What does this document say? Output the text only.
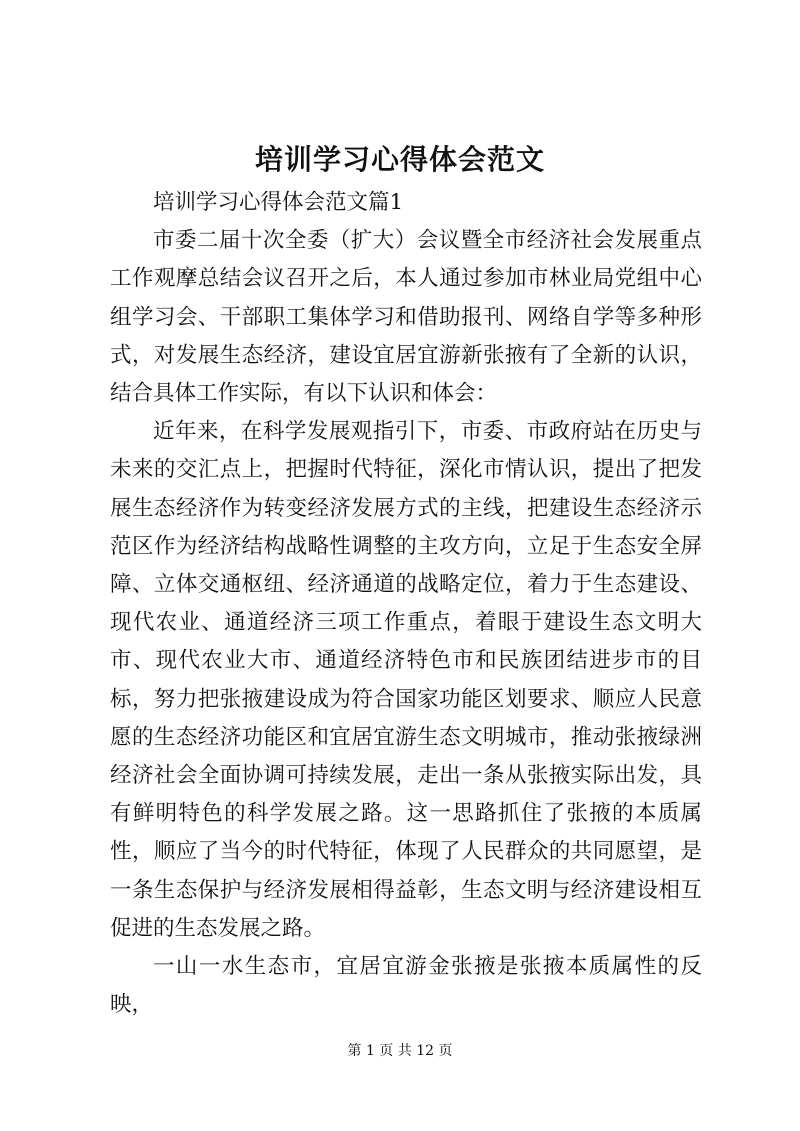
培训学习心得体会范文

培训学习心得体会范文篇1

市委二届十次全委（扩大）会议暨全市经济社会发展重点工作观摩总结会议召开之后，本人通过参加市林业局党组中心组学习会、干部职工集体学习和借助报刊、网络自学等多种形式，对发展生态经济，建设宜居宜游新张掖有了全新的认识，结合具体工作实际，有以下认识和体会：

近年来，在科学发展观指引下，市委、市政府站在历史与未来的交汇点上，把握时代特征，深化市情认识，提出了把发展生态经济作为转变经济发展方式的主线，把建设生态经济示范区作为经济结构战略性调整的主攻方向，立足于生态安全屏障、立体交通枢纽、经济通道的战略定位，着力于生态建设、现代农业、通道经济三项工作重点，着眼于建设生态文明大市、现代农业大市、通道经济特色市和民族团结进步市的目标，努力把张掖建设成为符合国家功能区划要求、顺应人民意愿的生态经济功能区和宜居宜游生态文明城市，推动张掖绿洲经济社会全面协调可持续发展，走出一条从张掖实际出发，具有鲜明特色的科学发展之路。这一思路抓住了张掖的本质属性，顺应了当今的时代特征，体现了人民群众的共同愿望，是一条生态保护与经济发展相得益彰，生态文明与经济建设相互促进的生态发展之路。

一山一水生态市，宜居宜游金张掖是张掖本质属性的反映，

第 1 页 共 12 页
